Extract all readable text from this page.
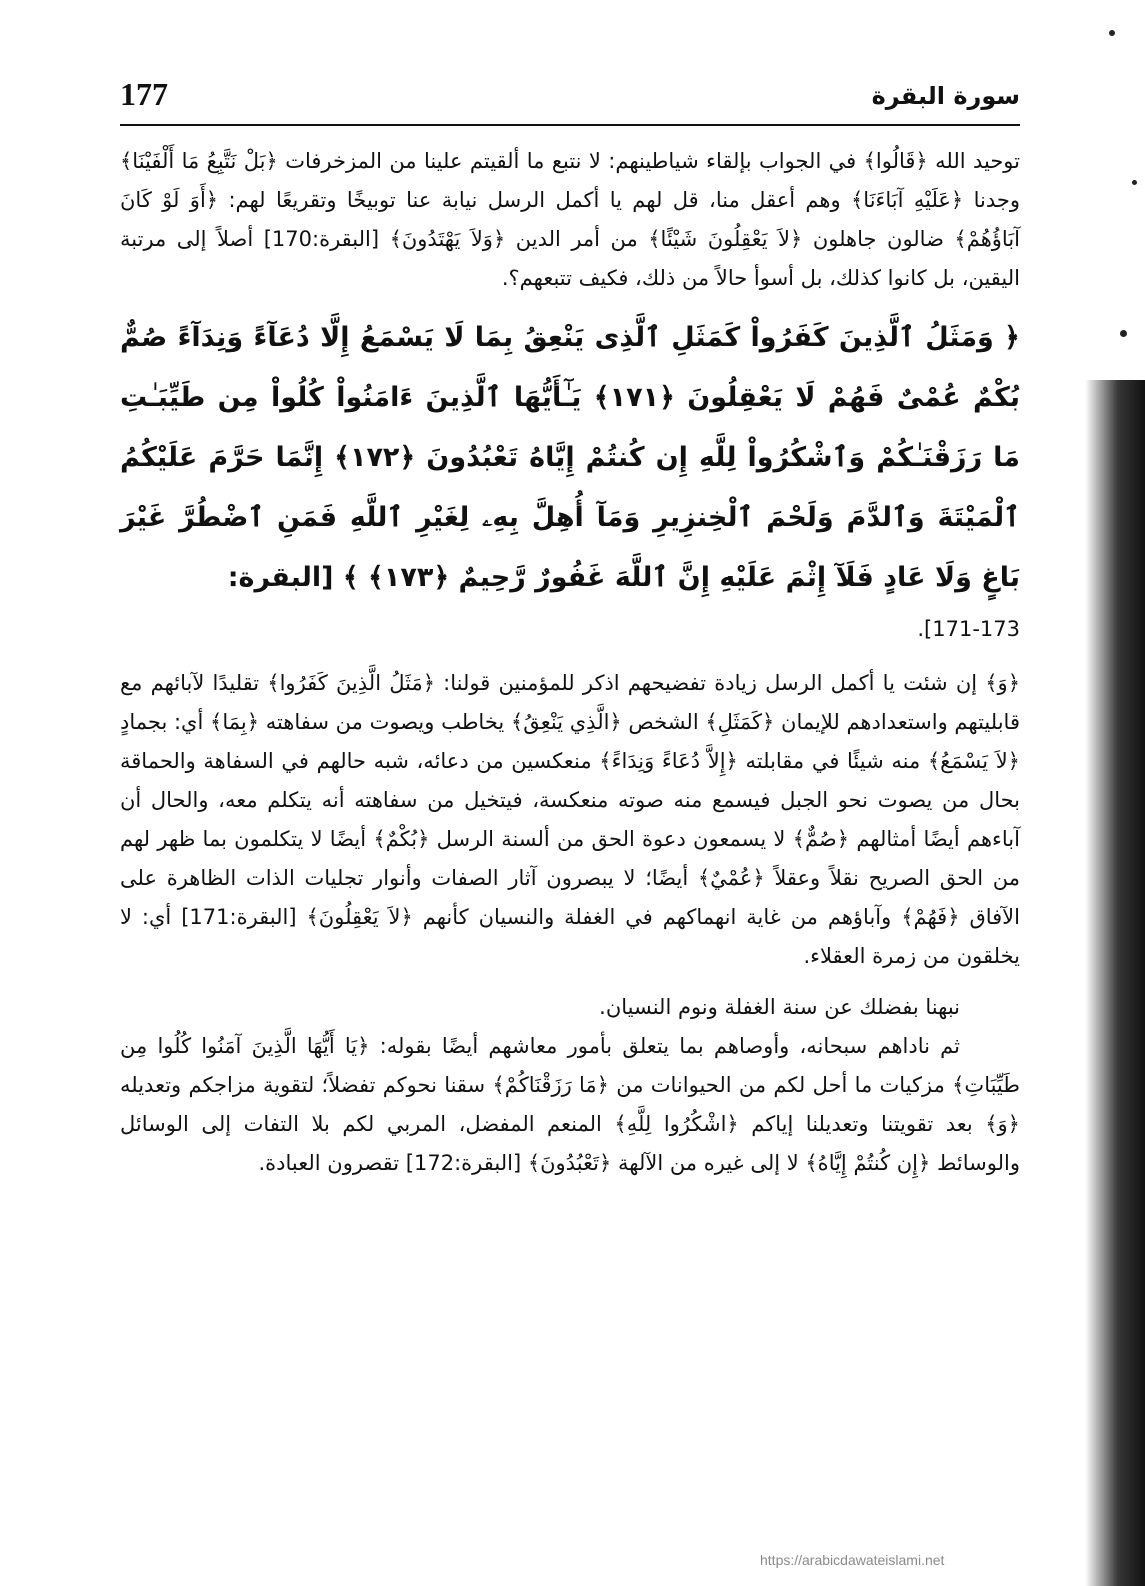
سورة البقرة
177

توحيد الله ﴿قَالُوا﴾ في الجواب بإلقاء شياطينهم: لا نتبع ما ألقيتم علينا من المزخرفات ﴿بَلْ نَتَّبِعُ مَا أَلْفَيْنَا﴾ وجدنا ﴿عَلَيْهِ آبَاءَنَا﴾ وهم أعقل منا، قل لهم يا أكمل الرسل نيابة عنا توبيخًا وتقريعًا لهم: ﴿أَوَ لَوْ كَانَ آبَاؤُهُمْ﴾ ضالون جاهلون ﴿لاَ يَعْقِلُونَ شَيْئًا﴾ من أمر الدين ﴿وَلاَ يَهْتَدُونَ﴾ [البقرة:170] أصلاً إلى مرتبة اليقين، بل كانوا كذلك، بل أسوأ حالاً من ذلك، فكيف تتبعهم؟.

﴿ وَمَثَلُ ٱلَّذِينَ كَفَرُواْ كَمَثَلِ ٱلَّذِى يَنْعِقُ بِمَا لَا يَسْمَعُ إِلَّا دُعَآءً وَنِدَآءً صُمٌّ بُكْمٌ عُمْىٌ فَهُمْ لَا يَعْقِلُونَ ﴿١٧١﴾ يَـٰٓأَيُّهَا ٱلَّذِينَ ءَامَنُواْ كُلُواْ مِن طَيِّبَـٰتِ مَا رَزَقْنَـٰكُمْ وَٱشْكُرُواْ لِلَّهِ إِن كُنتُمْ إِيَّاهُ تَعْبُدُونَ ﴿١٧٢﴾ إِنَّمَا حَرَّمَ عَلَيْكُمُ ٱلْمَيْتَةَ وَٱلدَّمَ وَلَحْمَ ٱلْخِنزِيرِ وَمَآ أُهِلَّ بِهِۦ لِغَيْرِ ٱللَّهِ فَمَنِ ٱضْطُرَّ غَيْرَ بَاغٍ وَلَا عَادٍ فَلَآ إِثْمَ عَلَيْهِ إِنَّ ٱللَّهَ غَفُورٌ رَّحِيمٌ ﴿١٧٣﴾ ﴾ [البقرة:

171-173].

﴿وَ﴾ إن شئت يا أكمل الرسل زيادة تفضيحهم اذكر للمؤمنين قولنا: ﴿مَثَلُ الَّذِينَ كَفَرُوا﴾ تقليدًا لآبائهم مع قابليتهم واستعدادهم للإيمان ﴿كَمَثَلِ﴾ الشخص ﴿الَّذِي يَنْعِقُ﴾ يخاطب ويصوت من سفاهته ﴿بِمَا﴾ أي: بجمادٍ ﴿لاَ يَسْمَعُ﴾ منه شيئًا في مقابلته ﴿إِلاَّ دُعَاءً وَنِدَاءً﴾ منعكسين من دعائه، شبه حالهم في السفاهة والحماقة بحال من يصوت نحو الجبل فيسمع منه صوته منعكسة، فيتخيل من سفاهته أنه يتكلم معه، والحال أن آباءهم أيضًا أمثالهم ﴿صُمٌّ﴾ لا يسمعون دعوة الحق من ألسنة الرسل ﴿بُكْمٌ﴾ أيضًا لا يتكلمون بما ظهر لهم من الحق الصريح نقلاً وعقلاً ﴿عُمْيٌ﴾ أيضًا؛ لا يبصرون آثار الصفات وأنوار تجليات الذات الظاهرة على الآفاق ﴿فَهُمْ﴾ وآباؤهم من غاية انهماكهم في الغفلة والنسيان كأنهم ﴿لاَ يَعْقِلُونَ﴾ [البقرة:171] أي: لا يخلقون من زمرة العقلاء.

نبهنا بفضلك عن سنة الغفلة ونوم النسيان.

ثم ناداهم سبحانه، وأوصاهم بما يتعلق بأمور معاشهم أيضًا بقوله: ﴿يَا أَيُّهَا الَّذِينَ آمَنُوا كُلُوا مِن طَيِّبَاتِ﴾ مزكيات ما أحل لكم من الحيوانات من ﴿مَا رَزَقْنَاكُمْ﴾ سقنا نحوكم تفضلاً؛ لتقوية مزاجكم وتعديله ﴿وَ﴾ بعد تقويتنا وتعديلنا إياكم ﴿اشْكُرُوا لِلَّهِ﴾ المنعم المفضل، المربي لكم بلا التفات إلى الوسائل والوسائط ﴿إِن كُنتُمْ إِيَّاهُ﴾ لا إلى غيره من الآلهة ﴿تَعْبُدُونَ﴾ [البقرة:172] تقصرون العبادة.

https://arabicdawateislami.net
